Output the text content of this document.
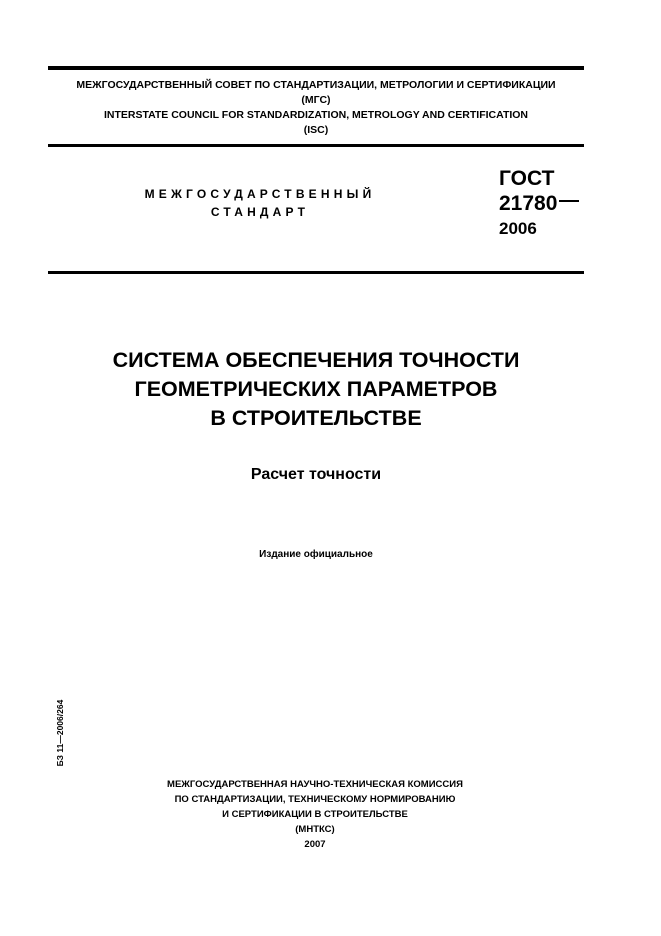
МЕЖГОСУДАРСТВЕННЫЙ СОВЕТ ПО СТАНДАРТИЗАЦИИ, МЕТРОЛОГИИ И СЕРТИФИКАЦИИ
(МГС)
INTERSTATE COUNCIL FOR STANDARDIZATION, METROLOGY AND CERTIFICATION
(ISC)
МЕЖГОСУДАРСТВЕННЫЙ
СТАНДАРТ
ГОСТ
21780
2006
СИСТЕМА ОБЕСПЕЧЕНИЯ ТОЧНОСТИ
ГЕОМЕТРИЧЕСКИХ ПАРАМЕТРОВ
В СТРОИТЕЛЬСТВЕ
Расчет точности
Издание официальное
БЗ 11—2006/264
МЕЖГОСУДАРСТВЕННАЯ НАУЧНО-ТЕХНИЧЕСКАЯ КОМИССИЯ
ПО СТАНДАРТИЗАЦИИ, ТЕХНИЧЕСКОМУ НОРМИРОВАНИЮ
И СЕРТИФИКАЦИИ В СТРОИТЕЛЬСТВЕ
(МНТКС)
2007
